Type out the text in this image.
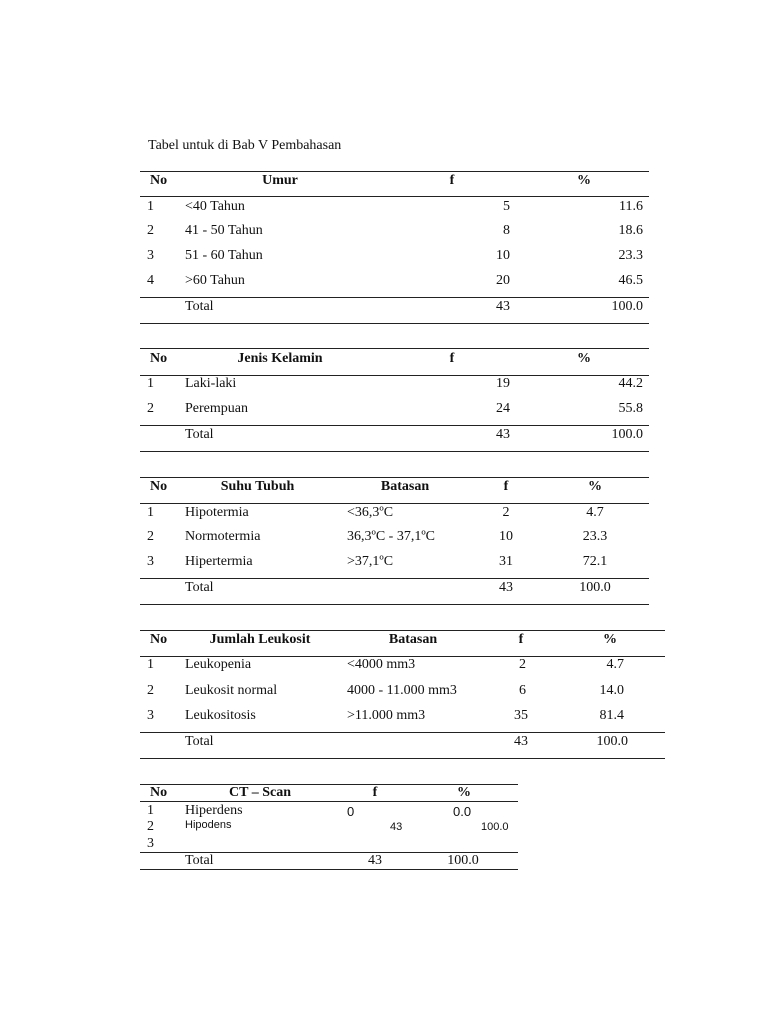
Tabel untuk di Bab V Pembahasan
No	Umur	f	%
1 <40 Tahun	5	11.6
2 41 - 50 Tahun	8	18.6
3 51 - 60 Tahun	10	23.3
4 >60 Tahun	20	46.5
Total	43	100.0
No	Jenis Kelamin	f	%
1 Laki-laki	19	44.2
2 Perempuan	24	55.8
Total	43	100.0
No	Suhu Tubuh	Batasan	f	%
1 Hipotermia	<36,3ºC	2	4.7
2 Normotermia	36,3ºC - 37,1ºC	10	23.3
3 Hipertermia	>37,1ºC	31	72.1
Total	43	100.0
No	Jumlah Leukosit	Batasan	f	%
1 Leukopenia	<4000 mm3	2	4.7
2 Leukosit normal	4000 - 11.000 mm3	6	14.0
3 Leukositosis	>11.000 mm3	35	81.4
Total	43	100.0
No	CT – Scan	f	%
1 Hiperdens	0	0.0
2	Hipodens	43	100.0
3
Total	43	100.0
